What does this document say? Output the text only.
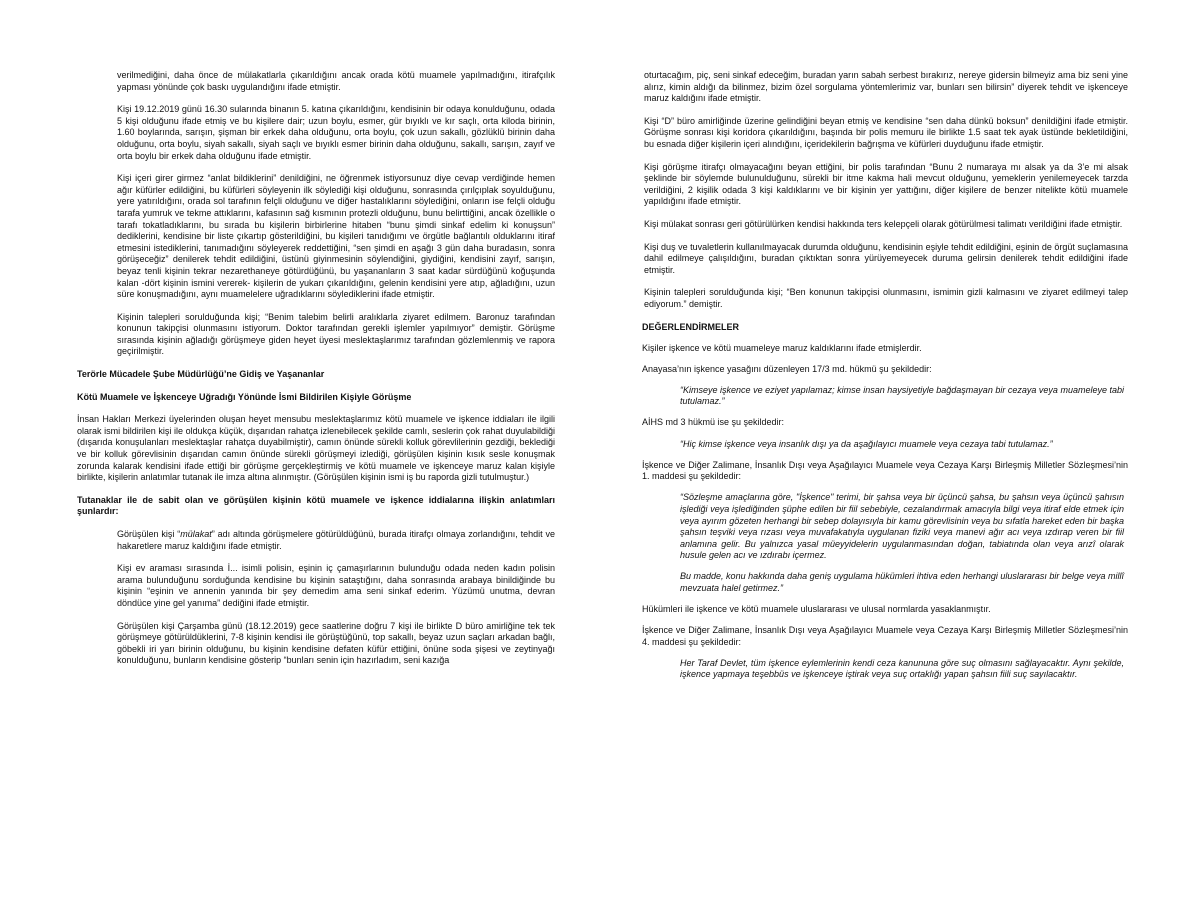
verilmediğini, daha önce de mülakatlarla çıkarıldığını ancak orada kötü muamele yapılmadığını, itirafçılık yapması yönünde çok baskı uygulandığını ifade etmiştir.

Kişi 19.12.2019 günü 16.30 sularında binanın 5. katına çıkarıldığını, kendisinin bir odaya konulduğunu, odada 5 kişi olduğunu ifade etmiş ve bu kişilere dair; uzun boylu, esmer, gür bıyıklı ve kır saçlı, orta kiloda birinin, 1.60 boylarında, sarışın, şişman bir erkek daha olduğunu, orta boylu, çok uzun sakallı, gözlüklü birinin daha olduğunu, orta boylu, siyah sakallı, siyah saçlı ve bıyıklı esmer birinin daha olduğunu, sakallı, sarışın, zayıf ve orta boylu bir erkek daha olduğunu ifade etmiştir.

Kişi içeri girer girmez “anlat bildiklerini” denildiğini, ne öğrenmek istiyorsunuz diye cevap verdiğinde hemen ağır küfürler edildiğini, bu küfürleri söyleyenin ilk söylediği kişi olduğunu, sonrasında çırılçıplak soyulduğunu, yere yatırıldığını, orada sol tarafının felçli olduğunu ve diğer hastalıklarını söylediğini, onların ise felçli olduğu tarafa yumruk ve tekme attıklarını, kafasının sağ kısmının protezli olduğunu, bunu belirttiğini, ancak özellikle o tarafı tokatladıklarını, bu sırada bu kişilerin birbirlerine hitaben “bunu şimdi sinkaf edelim ki konuşsun” dediklerini, kendisine bir liste çıkartıp gösterildiğini, bu kişileri tanıdığımı ve örgütle bağlantılı olduklarını itiraf etmesini istediklerini, tanımadığını söyleyerek reddettiğini, “sen şimdi en aşağı 3 gün daha buradasın, sonra görüşeceğiz” denilerek tehdit edildiğini, üstünü giyinmesinin söylendiğini, giydiğini, kendisini zayıf, sarışın, beyaz tenli kişinin tekrar nezarethaneye götürdüğünü, bu yaşananların 3 saat kadar sürdüğünü koğuşunda kalan -dört kişinin ismini vererek- kişilerin de yukarı çıkarıldığını, gelenin kendisini yere atıp, ağladığını, uzun süre konuşmadığını, aynı muamelelere uğradıklarını söylediklerini ifade etmiştir.

Kişinin talepleri sorulduğunda kişi; “Benim talebim belirli aralıklarla ziyaret edilmem. Baronuz tarafından konunun takipçisi olunmasını istiyorum. Doktor tarafından gerekli işlemler yapılmıyor” demiştir. Görüşme sırasında kişinin ağladığı görüşmeye giden heyet üyesi meslektaşlarımız tarafından gözlemlenmiş ve rapora geçirilmiştir.

Terörle Mücadele Şube Müdürlüğü’ne Gidiş ve Yaşananlar

Kötü Muamele ve İşkenceye Uğradığı Yönünde İsmi Bildirilen Kişiyle Görüşme

İnsan Hakları Merkezi üyelerinden oluşan heyet mensubu meslektaşlarımız kötü muamele ve işkence iddiaları ile ilgili olarak ismi bildirilen kişi ile oldukça küçük, dışarıdan rahatça izlenebilecek şekilde camlı, seslerin çok rahat duyulabildiği (dışarıda konuşulanları meslektaşlar rahatça duyabilmiştir), camın önünde sürekli kolluk görevlilerinin gezdiği, beklediği ve bir kolluk görevlisinin dışarıdan camın önünde sürekli görüşmeyi izlediği, görüşülen kişinin kısık sesle konuşmak zorunda kalarak kendisini ifade ettiği bir görüşme gerçekleştirmiş ve kötü muamele ve işkenceye maruz kalan kişiyle birlikte, kişilerin anlatımlar tutanak ile imza altına alınmıştır. (Görüşülen kişinin ismi iş bu raporda gizli tutulmuştur.)

Tutanaklar ile de sabit olan ve görüşülen kişinin kötü muamele ve işkence iddialarına ilişkin anlatımları şunlardır:

Görüşülen kişi “mülakat” adı altında görüşmelere götürüldüğünü, burada itirafçı olmaya zorlandığını, tehdit ve hakaretlere maruz kaldığını ifade etmiştir.

Kişi ev araması sırasında İ... isimli polisin, eşinin iç çamaşırlarının bulunduğu odada neden kadın polisin arama bulunduğunu sorduğunda kendisine bu kişinin sataştığını, daha sonrasında arabaya binildiğinde bu kişinin “eşinin ve annenin yanında bir şey demedim ama seni sinkaf ederim. Yüzümü unutma, devran döndüce yine gel yanıma” dediğini ifade etmiştir.

Görüşülen kişi Çarşamba günü (18.12.2019) gece saatlerine doğru 7 kişi ile birlikte D büro amirliğine tek tek görüşmeye götürüldüklerini, 7-8 kişinin kendisi ile görüştüğünü, top sakallı, beyaz uzun saçları arkadan bağlı, göbekli iri yarı birinin olduğunu, bu kişinin kendisine defaten küfür ettiğini, önüne soda şişesi ve zeytinyağı konulduğunu, bunların kendisine gösterip “bunları senin için hazırladım, seni kazığa

oturtacağım, piç, seni sinkaf edeceğim, buradan yarın sabah serbest bırakırız, nereye gidersin bilmeyiz ama biz seni yine alırız, kimin aldığı da bilinmez, bizim özel sorgulama yöntemlerimiz var, bunları sen bilirsin” diyerek tehdit ve işkenceye maruz kaldığını ifade etmiştir.

Kişi “D” büro amirliğinde üzerine gelindiğini beyan etmiş ve kendisine “sen daha dünkü boksun” denildiğini ifade etmiştir. Görüşme sonrası kişi koridora çıkarıldığını, başında bir polis memuru ile birlikte 1.5 saat tek ayak üstünde bekletildiğini, bu esnada diğer kişilerin içeri alındığını, içeridekilerin bağrışma ve küfürleri duyduğunu ifade etmiştir.

Kişi görüşme itirafçı olmayacağını beyan ettiğini, bir polis tarafından “Bunu 2 numaraya mı alsak ya da 3’e mi alsak şeklinde bir söylemde bulunulduğunu, sürekli bir itme kakma hali mevcut olduğunu, yemeklerin yenilemeyecek tarzda verildiğini, 2 kişilik odada 3 kişi kaldıklarını ve bir kişinin yer yattığını, diğer kişilere de benzer nitelikte kötü muamele yapıldığını ifade etmiştir.

Kişi mülakat sonrası geri götürülürken kendisi hakkında ters kelepçeli olarak götürülmesi talimatı verildiğini ifade etmiştir.

Kişi duş ve tuvaletlerin kullanılmayacak durumda olduğunu, kendisinin eşiyle tehdit edildiğini, eşinin de örgüt suçlamasına dahil edilmeye çalışıldığını, buradan çıktıktan sonra yürüyemeyecek duruma gelirsin denilerek tehdit edildiğini ifade etmiştir.

Kişinin talepleri sorulduğunda kişi; “Ben konunun takipçisi olunmasını, ismimin gizli kalmasını ve ziyaret edilmeyi talep ediyorum.” demiştir.

DEĞERLENDİRMELER

Kişiler işkence ve kötü muameleye maruz kaldıklarını ifade etmişlerdir.

Anayasa’nın işkence yasağını düzenleyen 17/3 md. hükmü şu şekildedir:

“Kimseye işkence ve eziyet yapılamaz; kimse insan haysiyetiyle bağdaşmayan bir cezaya veya muameleye tabi tutulamaz.”

AİHS md 3 hükmü ise şu şekildedir:

“Hiç kimse işkence veya insanlık dışı ya da aşağılayıcı muamele veya cezaya tabi tutulamaz.”

İşkence ve Diğer Zalimane, İnsanlık Dışı veya Aşağılayıcı Muamele veya Cezaya Karşı Birleşmiş Milletler Sözleşmesi’nin 1. maddesi şu şekildedir:

“Sözleşme amaçlarına göre, "İşkence" terimi, bir şahsa veya bir üçüncü şahsa, bu şahsın veya üçüncü şahısın işlediği veya işlediğinden şüphe edilen bir fiil sebebiyle, cezalandırmak amacıyla bilgi veya itiraf elde etmek için veya ayırım gözeten herhangi bir sebep dolayısıyla bir kamu görevlisinin veya bu sıfatla hareket eden bir başka şahsın teşviki veya rızası veya muvafakatıyla uygulanan fiziki veya manevi ağır acı veya ızdırap veren bir fiil anlamına gelir. Bu yalnızca yasal müeyyidelerin uygulanmasından doğan, tabiatında olan veya arızî olarak husule gelen acı ve ızdırabı içermez.

Bu madde, konu hakkında daha geniş uygulama hükümleri ihtiva eden herhangi uluslararası bir belge veya millî mevzuata halel getirmez.”

Hükümleri ile işkence ve kötü muamele uluslararası ve ulusal normlarda yasaklanmıştır.

İşkence ve Diğer Zalimane, İnsanlık Dışı veya Aşağılayıcı Muamele veya Cezaya Karşı Birleşmiş Milletler Sözleşmesi’nin 4. maddesi şu şekildedir:

Her Taraf Devlet, tüm işkence eylemlerinin kendi ceza kanununa göre suç olmasını sağlayacaktır. Aynı şekilde, işkence yapmaya teşebbüs ve işkenceye iştirak veya suç ortaklığı yapan şahsın fiili suç sayılacaktır.
